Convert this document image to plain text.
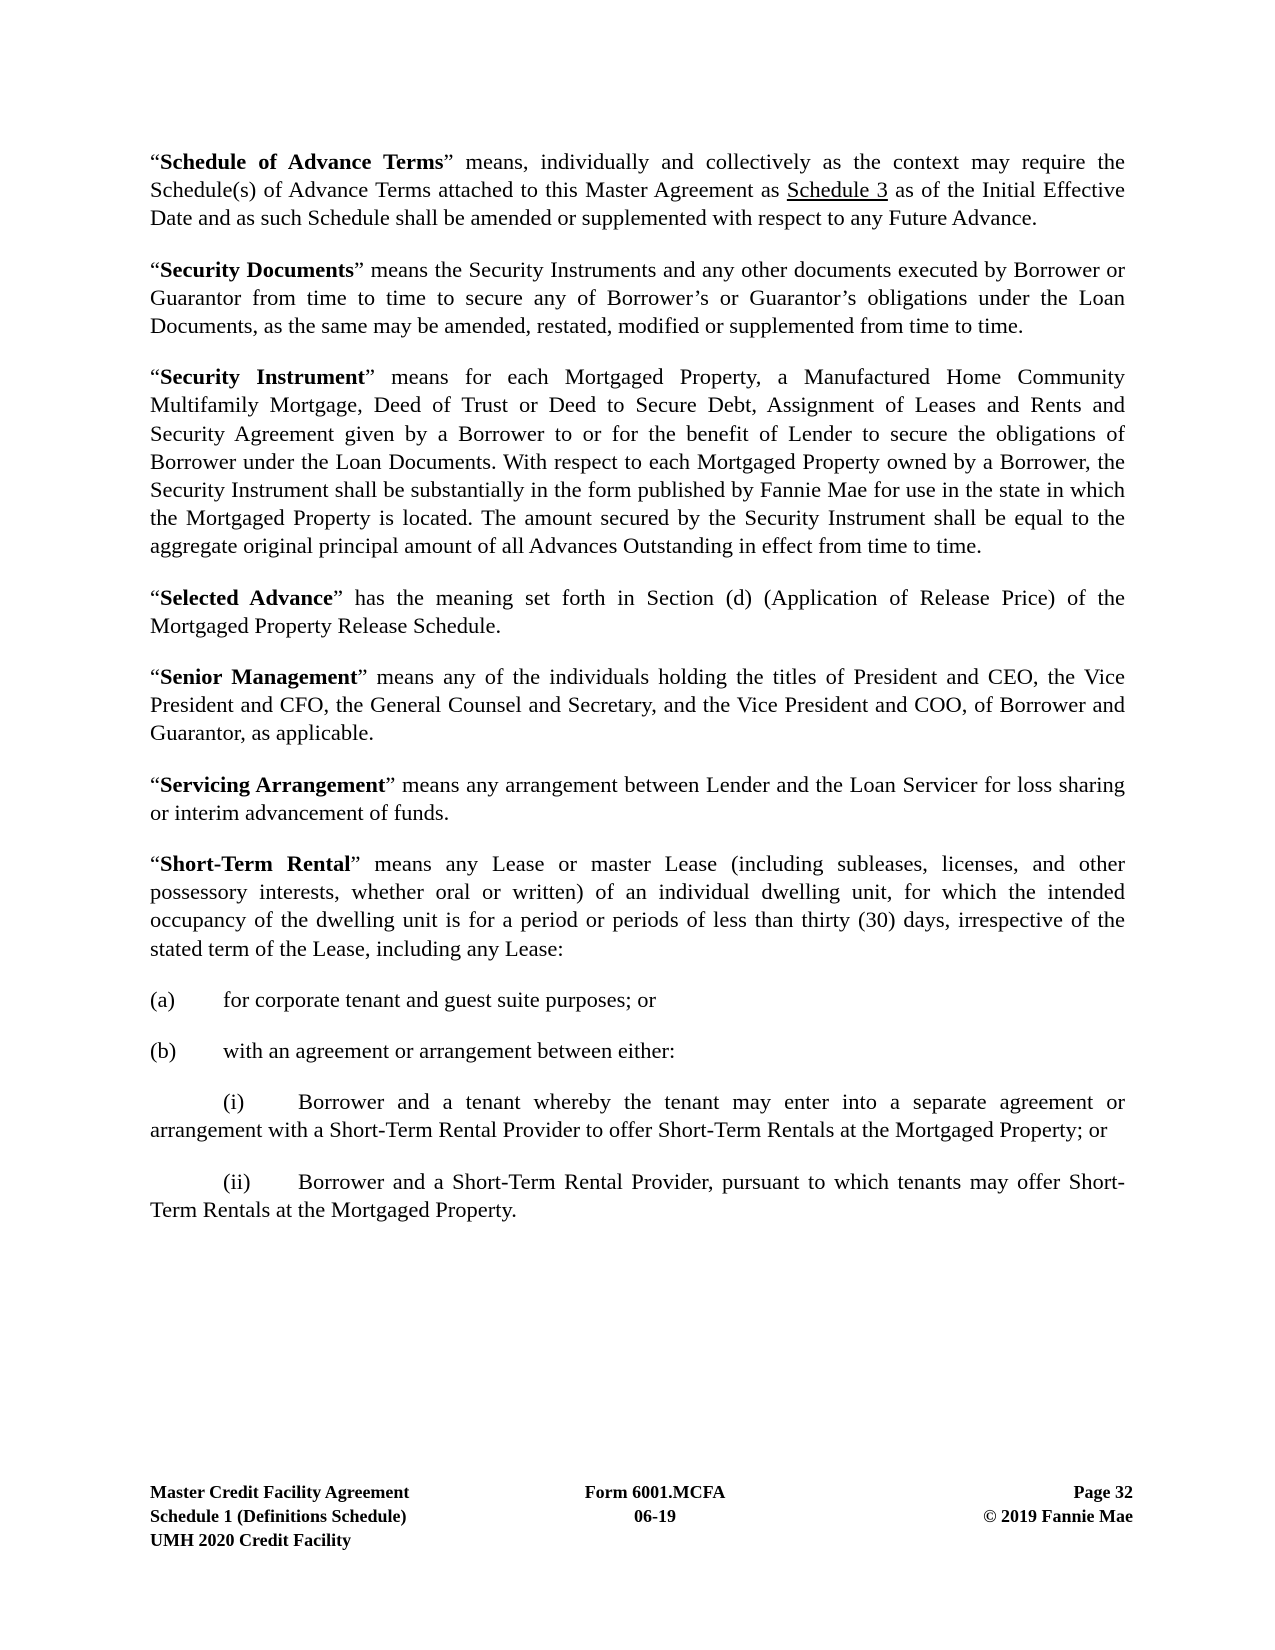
“Schedule of Advance Terms” means, individually and collectively as the context may require the Schedule(s) of Advance Terms attached to this Master Agreement as Schedule 3 as of the Initial Effective Date and as such Schedule shall be amended or supplemented with respect to any Future Advance.

“Security Documents” means the Security Instruments and any other documents executed by Borrower or Guarantor from time to time to secure any of Borrower’s or Guarantor’s obligations under the Loan Documents, as the same may be amended, restated, modified or supplemented from time to time.

“Security Instrument” means for each Mortgaged Property, a Manufactured Home Community Multifamily Mortgage, Deed of Trust or Deed to Secure Debt, Assignment of Leases and Rents and Security Agreement given by a Borrower to or for the benefit of Lender to secure the obligations of Borrower under the Loan Documents. With respect to each Mortgaged Property owned by a Borrower, the Security Instrument shall be substantially in the form published by Fannie Mae for use in the state in which the Mortgaged Property is located. The amount secured by the Security Instrument shall be equal to the aggregate original principal amount of all Advances Outstanding in effect from time to time.

“Selected Advance” has the meaning set forth in Section (d) (Application of Release Price) of the Mortgaged Property Release Schedule.

“Senior Management” means any of the individuals holding the titles of President and CEO, the Vice President and CFO, the General Counsel and Secretary, and the Vice President and COO, of Borrower and Guarantor, as applicable.

“Servicing Arrangement” means any arrangement between Lender and the Loan Servicer for loss sharing or interim advancement of funds.

“Short-Term Rental” means any Lease or master Lease (including subleases, licenses, and other possessory interests, whether oral or written) of an individual dwelling unit, for which the intended occupancy of the dwelling unit is for a period or periods of less than thirty (30) days, irrespective of the stated term of the Lease, including any Lease:

(a)	for corporate tenant and guest suite purposes; or
(b)	with an agreement or arrangement between either:

(i) Borrower and a tenant whereby the tenant may enter into a separate agreement or arrangement with a Short-Term Rental Provider to offer Short-Term Rentals at the Mortgaged Property; or

(ii) Borrower and a Short-Term Rental Provider, pursuant to which tenants may offer Short-Term Rentals at the Mortgaged Property.

Master Credit Facility Agreement
Schedule 1 (Definitions Schedule)
UMH 2020 Credit Facility
Form 6001.MCFA
06-19
Page 32
© 2019 Fannie Mae
